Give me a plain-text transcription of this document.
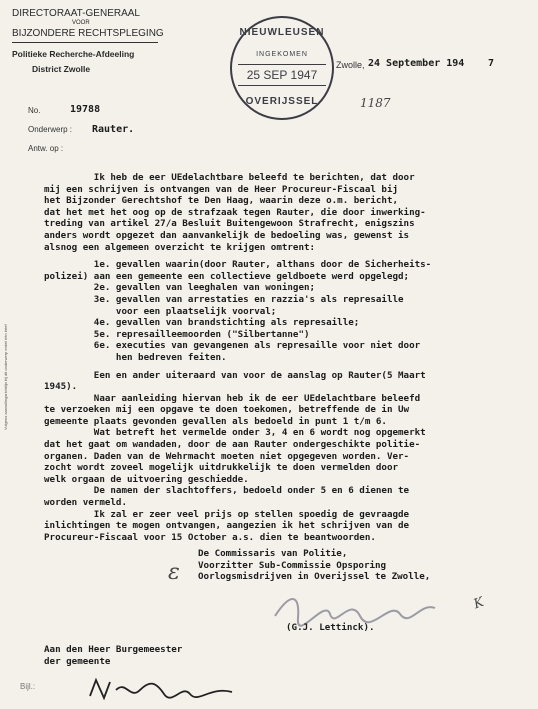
DIRECTORAAT-GENERAAL
VOOR
BIJZONDERE RECHTSPLEGING
Politieke Recherche-Afdeeling
District Zwolle
NIEUWLEUSEN
INGEKOMEN
25 SEP 1947
OVERIJSSEL
Zwolle, 24 September 194 7
1187
No.	19788
Onderwerp : Rauter.
Antw. op :
Ik heb de eer UEdelachtbare beleefd te berichten, dat door
mij een schrijven is ontvangen van de Heer Procureur-Fiscaal bij
het Bijzonder Gerechtshof te Den Haag, waarin deze o.m. bericht,
dat het met het oog op de strafzaak tegen Rauter, die door inwerking-
treding van artikel 27/a Besluit Buitengewoon Strafrecht, enigszins
anders wordt opgezet dan aanvankelijk de bedoeling was, gewenst is
alsnog een algemeen overzicht te krijgen omtrent:
1e. gevallen waarin(door Rauter, althans door de Sicherheits-
polizei) aan een gemeente een collectieve geldboete werd opgelegd;
2e. gevallen van leeghalen van woningen;
3e. gevallen van arrestaties en razzia's als represaille
voor een plaatselijk voorval;
4e. gevallen van brandstichting als represaille;
5e. represailleemoorden ("Silbertanne")
6e. executies van gevangenen als represaille voor niet door
hen bedreven feiten.
Een en ander uiteraard van voor de aanslag op Rauter(5 Maart
1945).
Naar aanleiding hiervan heb ik de eer UEdelachtbare beleefd
te verzoeken mij een opgave te doen toekomen, betreffende de in Uw
gemeente plaats gevonden gevallen als bedoeld in punt 1 t/m 6.
Wat betreft het vermelde onder 3, 4 en 6 wordt nog opgemerkt
dat het gaat om wandaden, door de aan Rauter ondergeschikte politie-
organen. Daden van de Wehrmacht moeten niet opgegeven worden. Ver-
zocht wordt zoveel mogelijk uitdrukkelijk te doen vermelden door
welk orgaan de uitvoering geschiedde.
De namen der slachtoffers, bedoeld onder 5 en 6 dienen te
worden vermeld.
Ik zal er zeer veel prijs op stellen spoedig de gevraagde
inlichtingen te mogen ontvangen, aangezien ik het schrijven van de
Procureur-Fiscaal voor 15 October a.s. dien te beantwoorden.
De Commissaris van Politie,
Voorzitter Sub-Commissie Opsporing
Oorlogsmisdrijven in Overijssel te Zwolle,
ɛ
K
(G.J. Lettinck).
Aan den Heer Burgemeester
der gemeente
Bijl.:
Volgens aanvullingsrichtlijn bij dit onderwerp enkel één brief
